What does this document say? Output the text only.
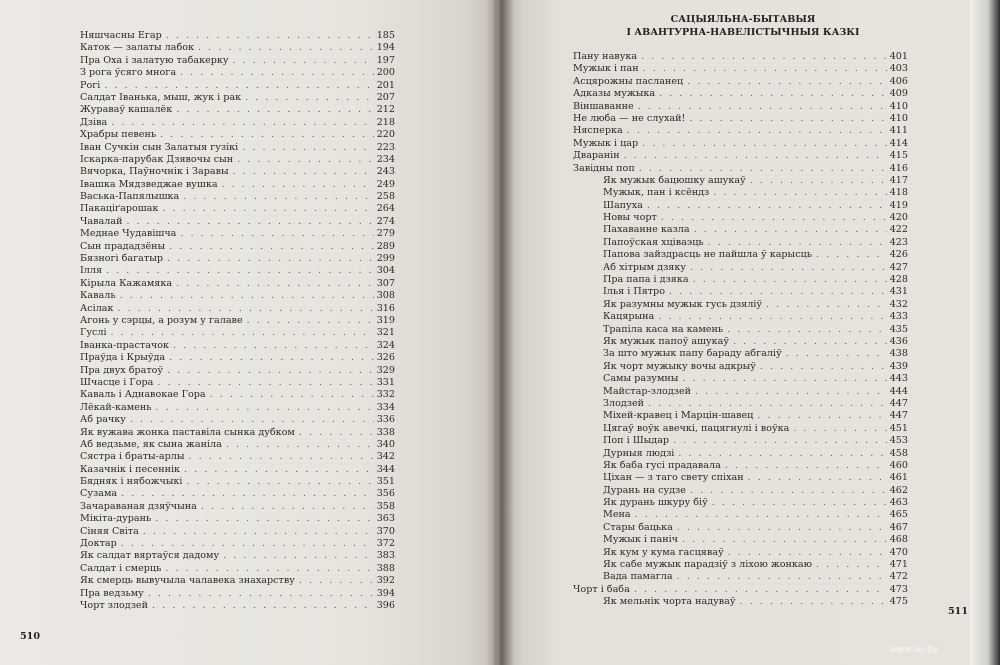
Няшчасны Егар . . .	185
Каток — залаты лабок . . .	194
Пра Оха і залатую табакерку . . .	197
З рога ўсяго многа . . .	200
Рогі . . .	201
Салдат Іванька, мыш, жук і рак . . .	207
Жураваў кашалёк . . .	212
Дзіва . . .	218
Храбры певень . . .	220
Іван Сучкін сын Залатыя гузікі . . .	223
Іскарка-парубак Дзявочы сын . . .	234
Вячорка, Паўночнік і Заравы . . .	243
Івашка Мядзведжае вушка . . .	249
Васька-Папялышка . . .	258
Пакаціґарошак . . .	264
Чавалай . . .	274
Меднае Чудавішча . . .	279
Сын прададзёны . . .	289
Бязногі багатыр . . .	299
Ілля . . .	304
Кірыла Кажамяка . . .	307
Каваль . . .	308
Асілак . . .	316
Агонь у сэрцы, а розум у галаве . . .	319
Гуслі . . .	321
Іванка-прастачок . . .	324
Праўда і Крыўда . . .	326
Пра двух братоў . . .	329
Шчасце і Гора . . .	331
Каваль і Аднавокае Гора . . .	332
Лёкай-камень . . .	334
Аб рачку . . .	336
Як вужава жонка паставіла сынка дубком . . .	338
Аб ведзьме, як сына жаніла . . .	340
Сястра і браты-арлы . . .	342
Казачнік і песеннік . . .	344
Бядняк і нябожчыкі . . .	351
Сузама . . .	356
Зачараваная дзяўчына . . .	358
Мікіта-дурань . . .	363
Сіняя Світа . . .	370
Доктар . . .	372
Як салдат вяртаўся дадому . . .	383
Салдат і смерць . . .	388
Як смерць вывучыла чалавека знахарству . . .	392
Пра ведзьму . . .	394
Чорт злодзей . . .	396
510
САЦЫЯЛЬНА-БЫТАВЫЯ
І АВАНТУРНА-НАВЕЛІСТЫЧНЫЯ КАЗКІ
Пану навука . . .	401
Мужык і пан . . .	403
Асцярожны пасланец . . .	406
Адказы мужыка . . .	409
Віншаванне . . .	410
Не люба — не слухай! . . .	410
Нясперка . . .	411
Мужык і цар . . .	414
Дваранін . . .	415
Завідны поп . . .	416
Як мужык бацюшку ашукаў . . .	417
Мужык, пан і ксёндз . . .	418
Шапуха . . .	419
Новы чорт . . .	420
Пахаванне казла . . .	422
Папоўская хціваэць . . .	423
Папова зайздрасць не пайшла ў карысць . . .	426
Аб хітрым дзяку . . .	427
Пра папа і дзяка . . .	428
Ілья і Пятро . . .	431
Як разумны мужык гусь дзяліў . . .	432
Кацярына . . .	433
Трапіла каса на камень . . .	435
Як мужык папоў ашукаў . . .	436
За што мужык папу бараду абгаліў . . .	438
Як чорт мужыку вочы адкрыў . . .	439
Самы разумны . . .	443
Майстар-злодзей . . .	444
Злодзей . . .	447
Міхей-кравец і Марцін-шавец . . .	447
Цягаў воўк авечкі, пацягнулі і воўка . . .	451
Поп і Шыдар . . .	453
Дурныя людзі . . .	458
Як баба гусі прадавала . . .	460
Ціхан — з таго свету спіхан . . .	461
Дурань на судзе . . .	462
Як дурань шкуру біў . . .	463
Мена . . .	465
Стары бацька . . .	467
Мужык і паніч . . .	468
Як кум у кума гасцяваў . . .	470
Як сабе мужык парадзіў з ліхою жонкаю . . .	471
Вада памагла . . .	472
Чорт і баба . . .	473
Як мельнік чорта надуваў . . .	475
511
www.ay.by
